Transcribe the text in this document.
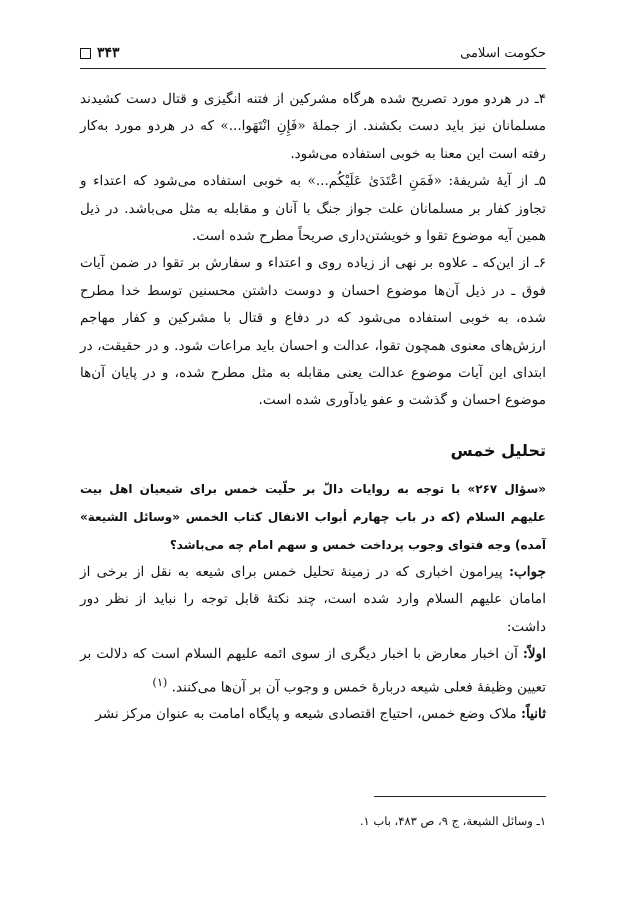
حکومت اسلامی
۳۴۳

۴ـ در هردو مورد تصریح شده هرگاه مشرکین از فتنه انگیزی و قتال دست کشیدند مسلمانان نیز باید دست بکشند. از جملهٔ «فَإِنِ انْتَهَوا...» که در هردو مورد به‌کار رفته است این معنا به خوبی استفاده می‌شود.

۵ـ از آیهٔ شریفهٔ: «فَمَنِ اعْتَدَىٰ عَلَيْكُم...» به خوبی استفاده می‌شود که اعتداء و تجاوز کفار بر مسلمانان علت جواز جنگ با آنان و مقابله به مثل می‌باشد. در ذیل همین آیه موضوع تقوا و خویشتن‌داری صریحاً مطرح شده است.

۶ـ از این‌که ـ علاوه بر نهی از زیاده روی و اعتداء و سفارش بر تقوا در ضمن آیات فوق ـ در ذیل آن‌ها موضوع احسان و دوست داشتن محسنین توسط خدا مطرح شده، به خوبی استفاده می‌شود که در دفاع و قتال با مشرکین و کفار مهاجم ارزش‌های معنوی همچون تقوا، عدالت و احسان باید مراعات شود. و در حقیقت، در ابتدای این آیات موضوع عدالت یعنی مقابله به مثل مطرح شده، و در پایان آن‌ها موضوع احسان و گذشت و عفو یادآوری شده است.

تحلیل خمس

«سؤال ۲۶۷» با توجه به روایات دالّ بر حلّیت خمس برای شیعیان اهل بیت علیهم السلام (که در باب چهارم أبواب الانفال کتاب الخمس «وسائل الشیعة» آمده) وجه فتوای وجوب پرداخت خمس و سهم امام چه می‌باشد؟

جواب: پیرامون اخباری که در زمینهٔ تحلیل خمس برای شیعه به نقل از برخی از امامان علیهم السلام وارد شده است، چند نکتهٔ قابل توجه را نباید از نظر دور داشت:

اولاً: آن اخبار معارض با اخبار دیگری از سوی ائمه علیهم السلام است که دلالت بر تعیین وظیفهٔ فعلی شیعه دربارهٔ خمس و وجوب آن بر آن‌ها می‌کنند. $^{(۱)}$

ثانیاً: ملاک وضع خمس، احتیاج اقتصادی شیعه و پایگاه امامت به عنوان مرکز نشر

۱ـ وسائل الشیعة، ج ۹، ص ۴۸۳، باب ۱.
